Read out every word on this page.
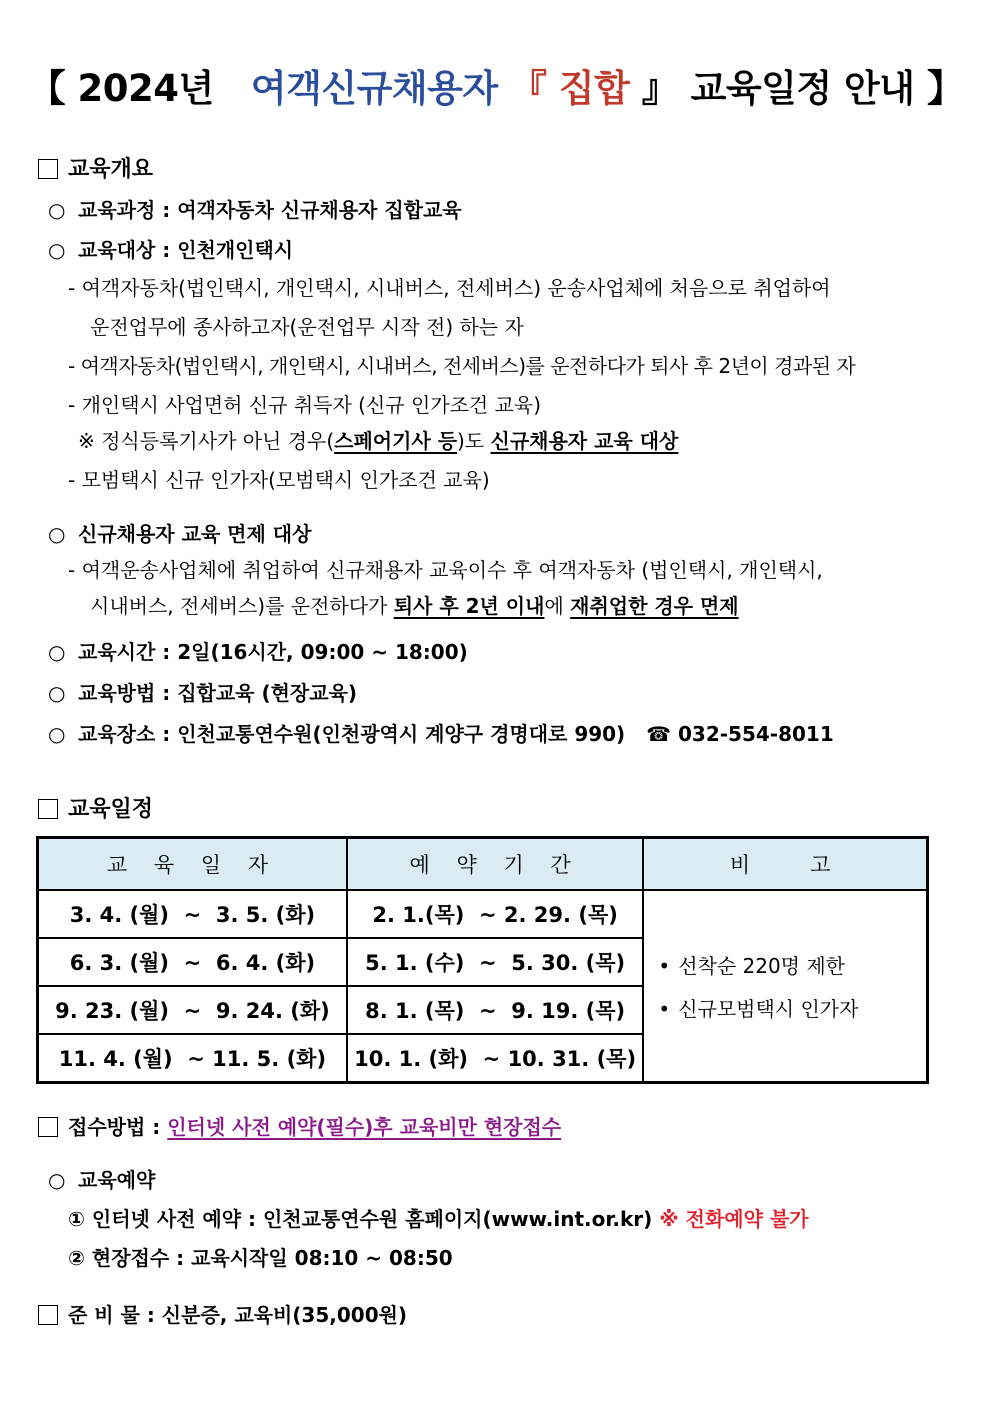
【 2024년 여객신규채용자 『 집합 』 교육일정 안내 】
교육개요
○ 교육과정 : 여객자동차 신규채용자 집합교육
○ 교육대상 : 인천개인택시
- 여객자동차(법인택시, 개인택시, 시내버스, 전세버스) 운송사업체에 처음으로 취업하여
운전업무에 종사하고자(운전업무 시작 전) 하는 자
- 여객자동차(법인택시, 개인택시, 시내버스, 전세버스)를 운전하다가 퇴사 후 2년이 경과된 자
- 개인택시 사업면허 신규 취득자 (신규 인가조건 교육)
※ 정식등록기사가 아닌 경우(스페어기사 등)도 신규채용자 교육 대상
- 모범택시 신규 인가자(모범택시 인가조건 교육)
○ 신규채용자 교육 면제 대상
- 여객운송사업체에 취업하여 신규채용자 교육이수 후 여객자동차 (법인택시, 개인택시,
시내버스, 전세버스)를 운전하다가 퇴사 후 2년 이내에 재취업한 경우 면제
○ 교육시간 : 2일(16시간, 09:00 ~ 18:00)
○ 교육방법 : 집합교육 (현장교육)
○ 교육장소 : 인천교통연수원(인천광역시 계양구 경명대로 990) ☎ 032-554-8011
교육일정
교 육 일 자	예 약 기 간	비   고
3. 4. (월)  ~  3. 5. (화)	2. 1.(목)  ~ 2. 29. (목)	• 선착순 220명 제한
• 신규모범택시 인가자

6. 3. (월)  ~  6. 4. (화)	5. 1. (수)  ~  5. 30. (목)	
9. 23. (월)  ~  9. 24. (화)	8. 1. (목)  ~  9. 19. (목)	
11. 4. (월)  ~ 11. 5. (화)	10. 1. (화)  ~ 10. 31. (목)	
접수방법 : 인터넷 사전 예약(필수)후 교육비만 현장접수
○ 교육예약
① 인터넷 사전 예약 : 인천교통연수원 홈페이지(www.int.or.kr) ※ 전화예약 불가
② 현장접수 : 교육시작일 08:10 ~ 08:50
준 비 물 : 신분증, 교육비(35,000원)
